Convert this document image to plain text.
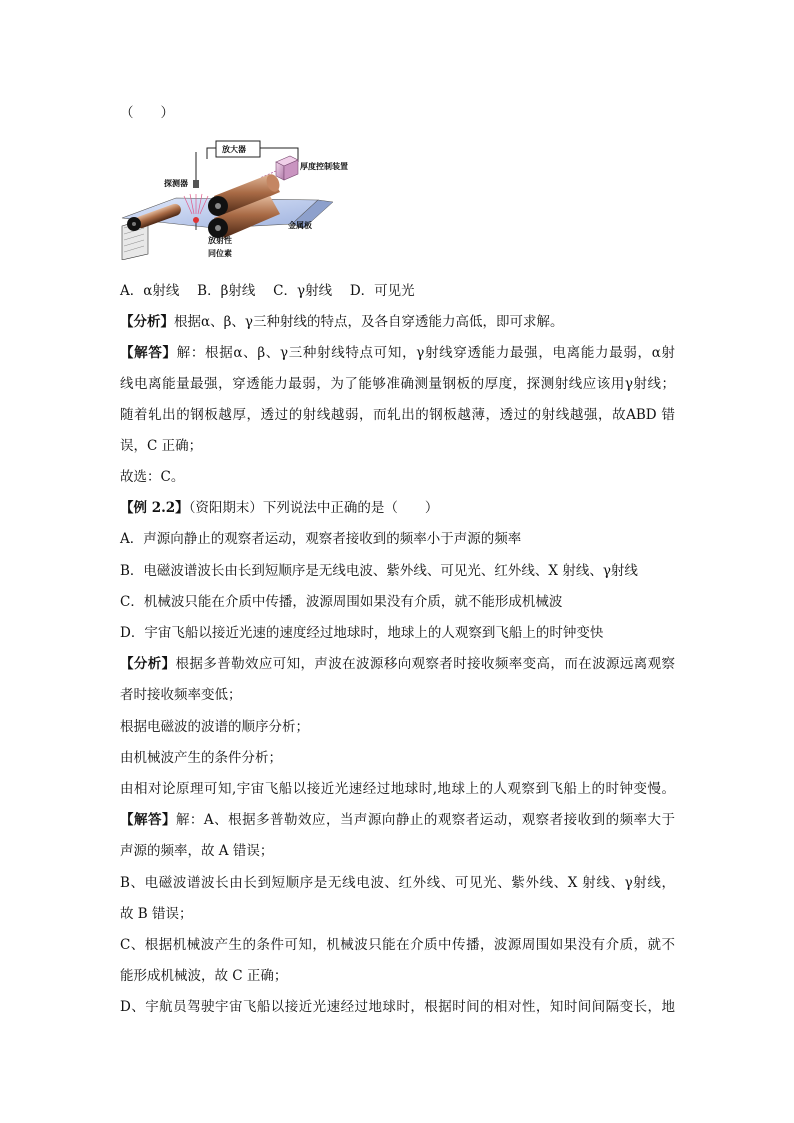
（　　）
放大器
厚度控制装置
探测器
放射性
同位素
金属板
A．α射线　 B．β射线　 C．γ射线　 D．可见光
【分析】根据α、β、γ三种射线的特点，及各自穿透能力高低，即可求解。
【解答】解：根据α、β、γ三种射线特点可知，γ射线穿透能力最强，电离能力最弱，α射
线电离能量最强，穿透能力最弱，为了能够准确测量钢板的厚度，探测射线应该用γ射线；
随着轧出的钢板越厚，透过的射线越弱，而轧出的钢板越薄，透过的射线越强，故ABD 错
误，C 正确；
故选：C。
【例 2.2】（资阳期末）下列说法中正确的是（　　）
A．声源向静止的观察者运动，观察者接收到的频率小于声源的频率
B．电磁波谱波长由长到短顺序是无线电波、紫外线、可见光、红外线、X 射线、γ射线
C．机械波只能在介质中传播，波源周围如果没有介质，就不能形成机械波
D．宇宙飞船以接近光速的速度经过地球时，地球上的人观察到飞船上的时钟变快
【分析】根据多普勒效应可知，声波在波源移向观察者时接收频率变高，而在波源远离观察
者时接收频率变低；
根据电磁波的波谱的顺序分析；
由机械波产生的条件分析；
由相对论原理可知,宇宙飞船以接近光速经过地球时,地球上的人观察到飞船上的时钟变慢。
【解答】解：A、根据多普勒效应，当声源向静止的观察者运动，观察者接收到的频率大于
声源的频率，故 A 错误；
B、电磁波谱波长由长到短顺序是无线电波、红外线、可见光、紫外线、X 射线、γ射线，
故 B 错误；
C、根据机械波产生的条件可知，机械波只能在介质中传播，波源周围如果没有介质，就不
能形成机械波，故 C 正确；
D、宇航员驾驶宇宙飞船以接近光速经过地球时，根据时间的相对性，知时间间隔变长，地
